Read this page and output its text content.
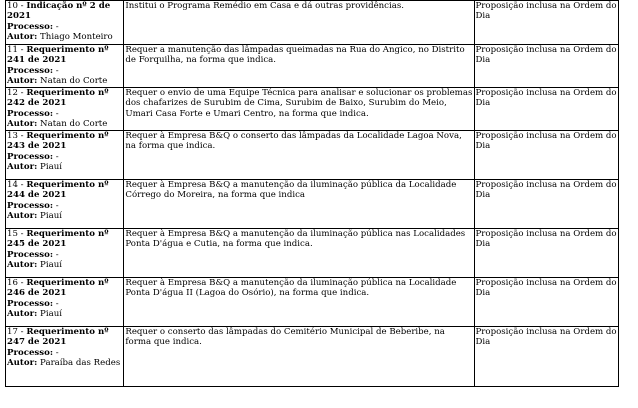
10 - Indicação nº 2 de 2021
Processo: -
Autor: Thiago Monteiro	Institui o Programa Remédio em Casa e dá outras providências.	Proposição inclusa na Ordem do Dia
11 - Requerimento nº 241 de 2021
Processo: -
Autor: Natan do Corte	Requer a manutenção das lâmpadas queimadas na Rua do Angico, no Distrito de Forquilha, na forma que indica.	Proposição inclusa na Ordem do Dia
12 - Requerimento nº 242 de 2021
Processo: -
Autor: Natan do Corte	Requer o envio de uma Equipe Técnica para analisar e solucionar os problemas dos chafarizes de Surubim de Cima, Surubim de Baixo, Surubim do Meio, Umari Casa Forte e Umari Centro, na forma que indica.	Proposição inclusa na Ordem do Dia
13 - Requerimento nº 243 de 2021
Processo: -
Autor: Piauí	Requer à Empresa B&Q o conserto das lâmpadas da Localidade Lagoa Nova, na forma que indica.	Proposição inclusa na Ordem do Dia
14 - Requerimento nº 244 de 2021
Processo: -
Autor: Piauí	Requer à Empresa B&Q a manutenção da iluminação pública da Localidade Córrego do Moreira, na forma que indica	Proposição inclusa na Ordem do Dia
15 - Requerimento nº 245 de 2021
Processo: -
Autor: Piauí	Requer à Empresa B&Q a manutenção da iluminação pública nas Localidades Ponta D'água e Cutia, na forma que indica.	Proposição inclusa na Ordem do Dia
16 - Requerimento nº 246 de 2021
Processo: -
Autor: Piauí	Requer à Empresa B&Q a manutenção da iluminação pública na Localidade Ponta D'água II (Lagoa do Osório), na forma que indica.	Proposição inclusa na Ordem do Dia
17 - Requerimento nº 247 de 2021
Processo: -
Autor: Paraíba das Redes	Requer o conserto das lâmpadas do Cemitério Municipal de Beberibe, na forma que indica.	Proposição inclusa na Ordem do Dia
